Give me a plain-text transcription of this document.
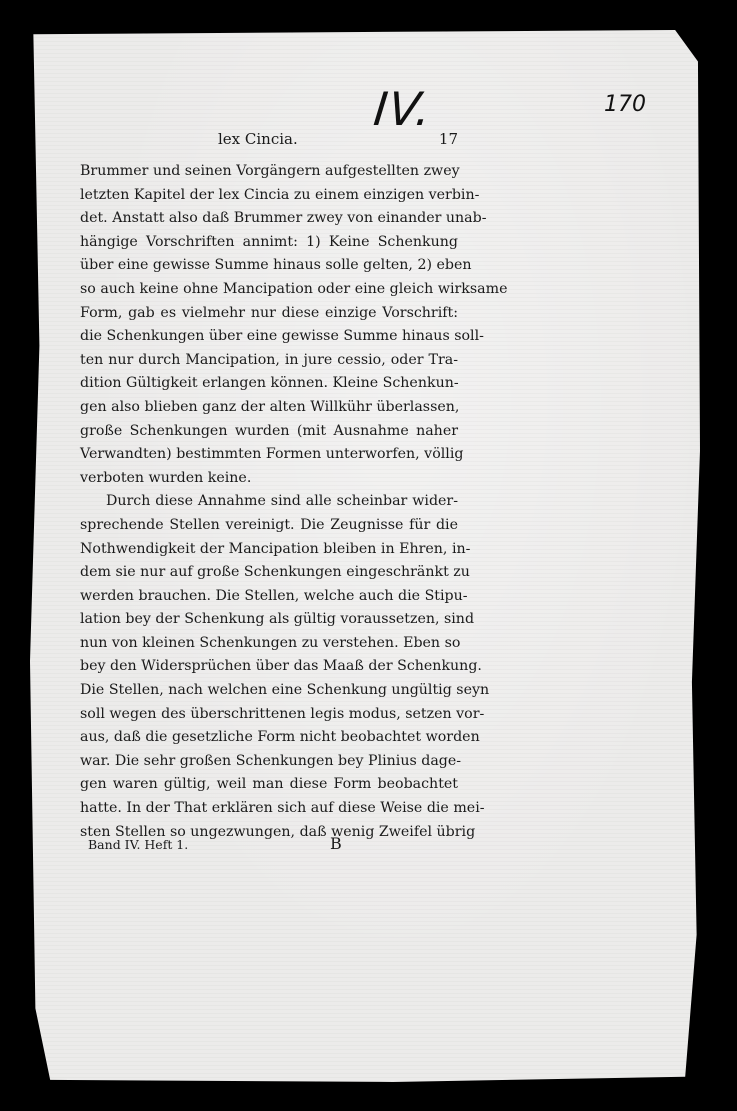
IV.	170
lex Cincia.	17
Brummer und seinen Vorgängern aufgestellten zwey
letzten Kapitel der lex Cincia zu einem einzigen verbin-
det. Anstatt also daß Brummer zwey von einander unab-
hängige Vorschriften annimt: 1) Keine Schenkung
über eine gewisse Summe hinaus solle gelten, 2) eben
so auch keine ohne Mancipation oder eine gleich wirksame
Form, gab es vielmehr nur diese einzige Vorschrift:
die Schenkungen über eine gewisse Summe hinaus soll-
ten nur durch Mancipation, in jure cessio, oder Tra-
dition Gültigkeit erlangen können. Kleine Schenkun-
gen also blieben ganz der alten Willkühr überlassen,
große Schenkungen wurden (mit Ausnahme naher
Verwandten) bestimmten Formen unterworfen, völlig
verboten wurden keine.
Durch diese Annahme sind alle scheinbar wider-
sprechende Stellen vereinigt. Die Zeugnisse für die
Nothwendigkeit der Mancipation bleiben in Ehren, in-
dem sie nur auf große Schenkungen eingeschränkt zu
werden brauchen. Die Stellen, welche auch die Stipu-
lation bey der Schenkung als gültig voraussetzen, sind
nun von kleinen Schenkungen zu verstehen. Eben so
bey den Widersprüchen über das Maaß der Schenkung.
Die Stellen, nach welchen eine Schenkung ungültig seyn
soll wegen des überschrittenen legis modus, setzen vor-
aus, daß die gesetzliche Form nicht beobachtet worden
war. Die sehr großen Schenkungen bey Plinius dage-
gen waren gültig, weil man diese Form beobachtet
hatte. In der That erklären sich auf diese Weise die mei-
sten Stellen so ungezwungen, daß wenig Zweifel übrig
Band IV. Heft 1.	B
